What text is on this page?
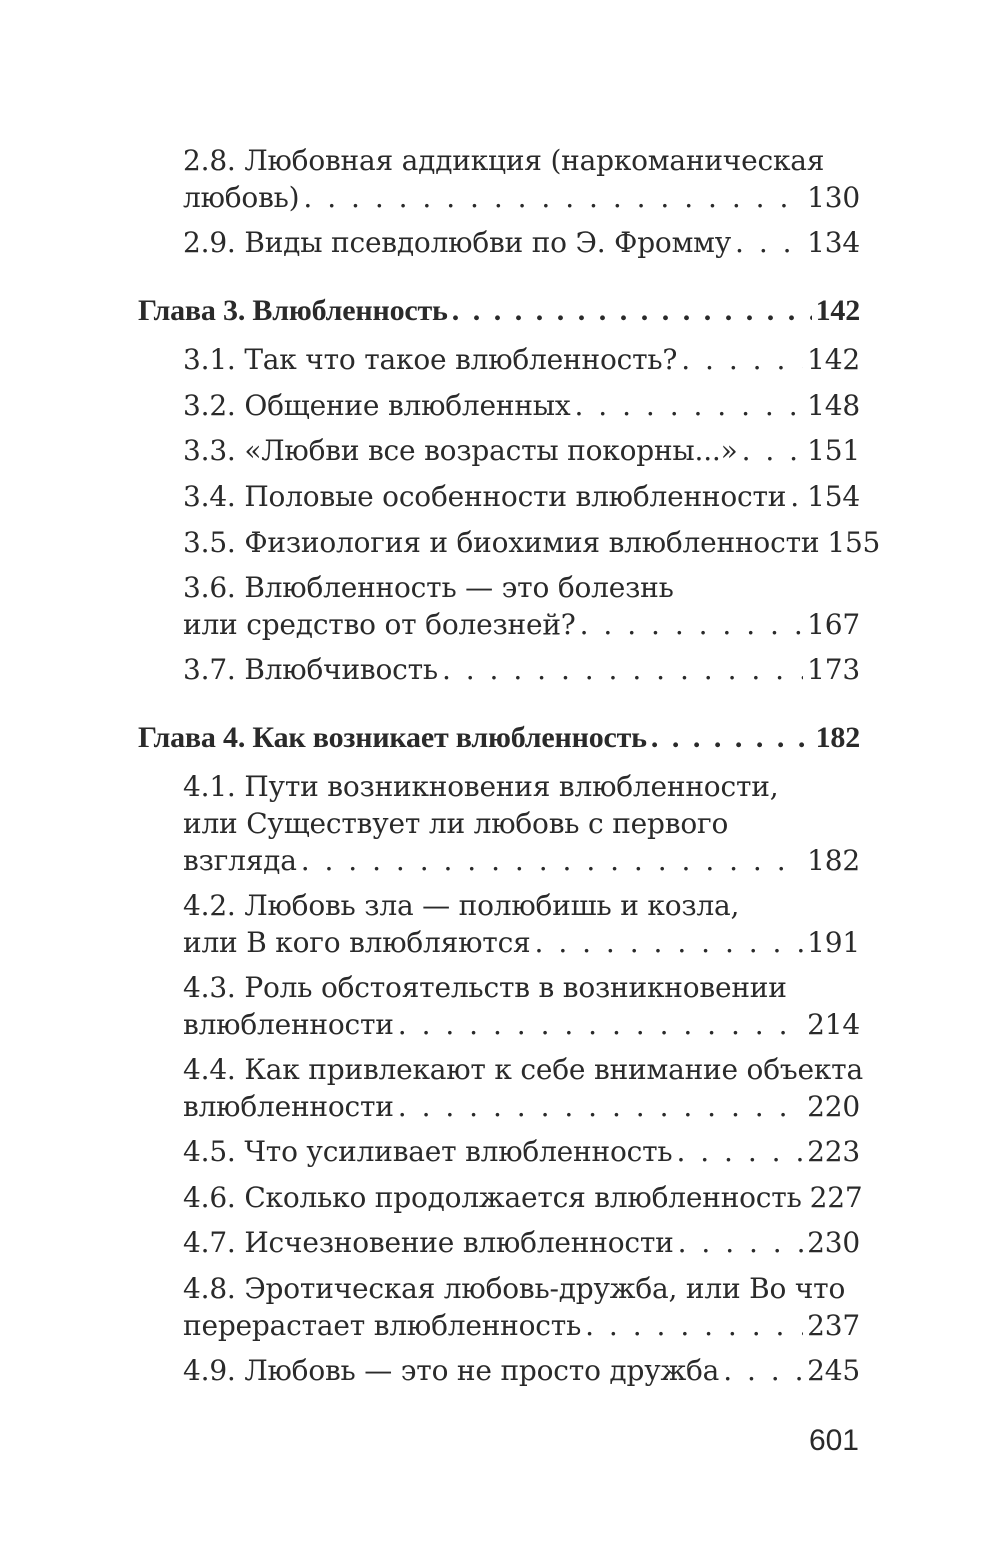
2.8. Любовная аддикция (наркоманическая
любовь) . . .	130
2.9. Виды псевдолюбви по Э. Фромму . . .	134
Глава 3. Влюбленность . . .	142
3.1. Так что такое влюбленность? . . .	142
3.2. Общение влюбленных . . .	148
3.3. «Любви все возрасты покорны...» . . . 151
3.4. Половые особенности влюбленности . . . 154
3.5. Физиология и биохимия влюбленности 155
3.6. Влюбленность — это болезнь
или средство от болезней? . . .	167
3.7. Влюбчивость . . .	173
Глава 4. Как возникает влюбленность . . .	182
4.1. Пути возникновения влюбленности,
или Существует ли любовь с первого
взгляда . . .	182
4.2. Любовь зла — полюбишь и козла,
или В кого влюбляются . . .	191
4.3. Роль обстоятельств в возникновении
влюбленности . . .	214
4.4. Как привлекают к себе внимание объекта
влюбленности . . .	220
4.5. Что усиливает влюбленность . . .	223
4.6. Сколько продолжается влюбленность 227
4.7. Исчезновение влюбленности . . .	230
4.8. Эротическая любовь-дружба, или Во что
перерастает влюбленность . . .	237
4.9. Любовь — это не просто дружба . . .	245
601
